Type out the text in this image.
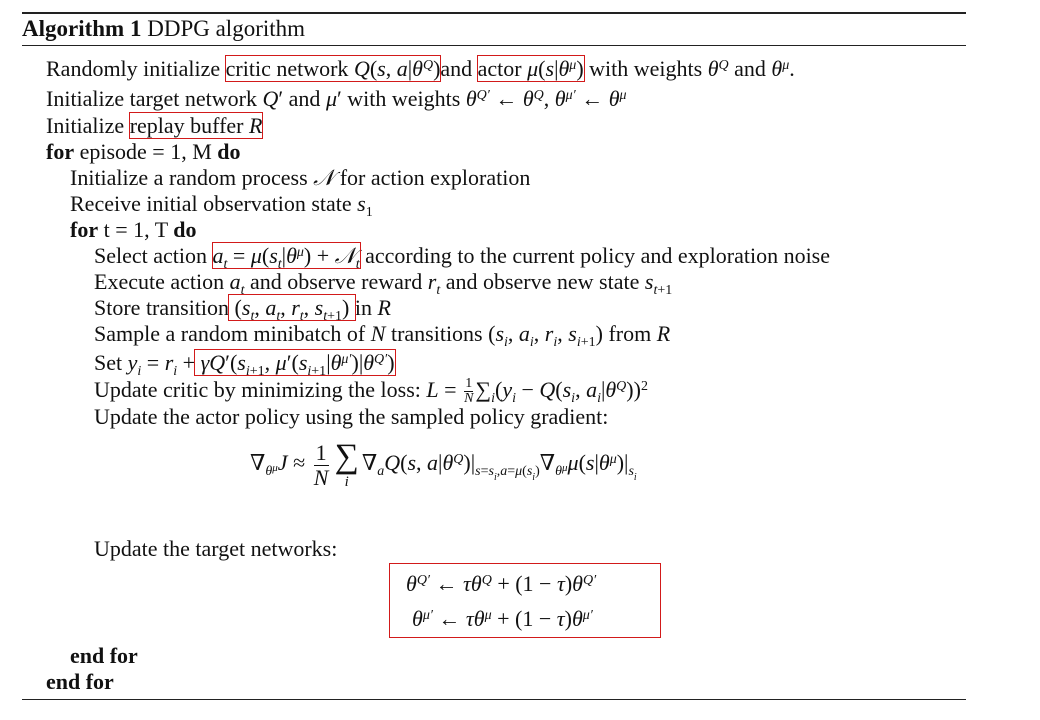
Algorithm 1 DDPG algorithm
Randomly initialize critic network Q(s, $a|\theta^Q)and$ actor $\mu(s|\theta^\mu)$ with weights $\theta^Q$ and $\theta^\mu$.
Initialize target network Q′ and μ′ with weights $\theta^{Q'}$ ← $\theta^Q$, $\theta^{\mu'}$ ← $\theta^\mu$
Initialize replay buffer R
for episode = 1, M do
Initialize a random process 𝒩 for action exploration
Receive initial observation state $s_1$
for t = 1, T do
Select action $a_t = \mu(s_t|\theta^\mu)$ + 𝒩$_t$ according to the current policy and exploration noise
Execute action $a_t$ and observe reward $r_t$ and observe new state $s_{t+1}$
Store transition ($s_t$, $a_t$, $r_t$, $s_{t+1}$) in R
Sample a random minibatch of N transitions ($s_i$, $a_i$, $r_i$, $s_{i+1}$) from R
Set $y_i = r_i + \gamma Q'(s_{i+1}$, $\mu'(s_{i+1}|\theta^{\mu'})|\theta^{Q'}$)
Update critic by minimizing the loss: $L = \frac{1}{N} \sum_i(y_i - Q(s_i$, $a_i|\theta^Q))^2$
Update the actor policy using the sampled policy gradient:
$\nabla_{\theta^\mu}J \approx \frac{1}{N}$ ∑
i
$\nabla_aQ(s$, $a|\theta^Q)|_{s=s_i,a=\mu(s_i)}\nabla_{\theta^\mu}\mu(s|\theta^\mu)|_{s_i}$
Update the target networks:
$\theta^{Q'}$ ← $\tau\theta^Q + (1 - \tau)\theta^{Q'}$
$\theta^{\mu'}$ ← $\tau\theta^\mu + (1 - \tau)\theta^{\mu'}$
end for
end for
